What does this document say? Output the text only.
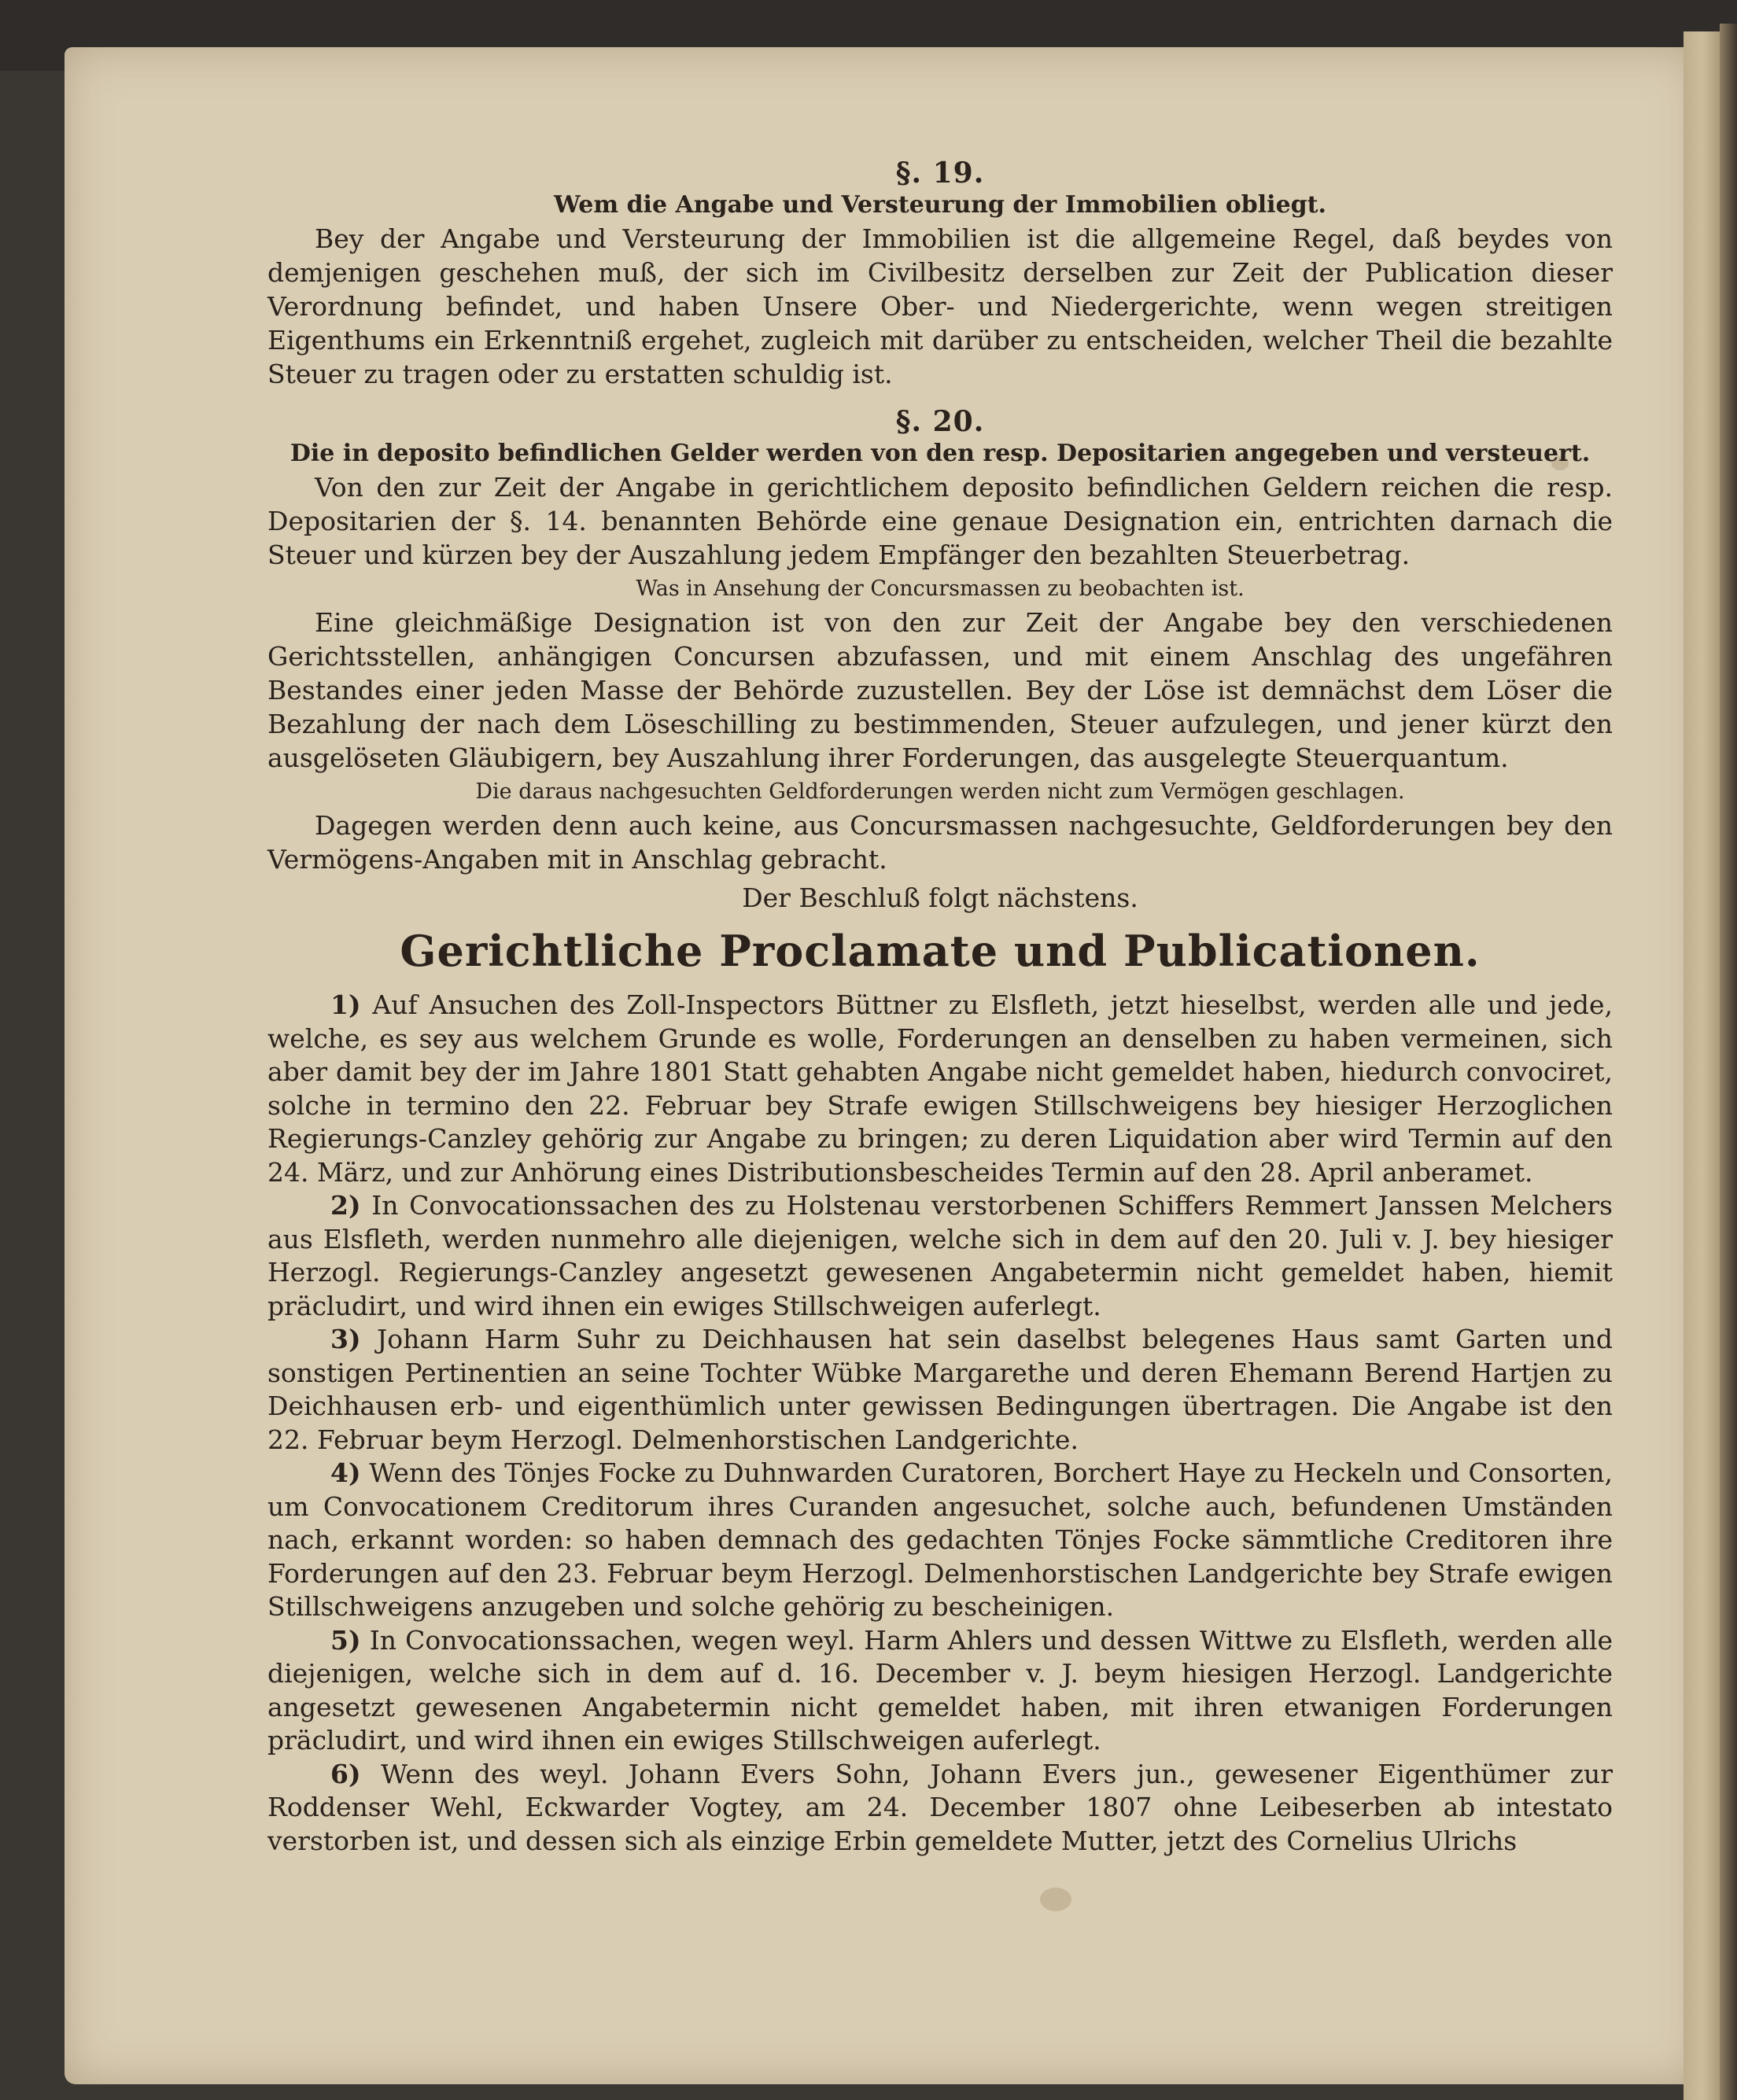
§. 19.
Wem die Angabe und Versteurung der Immobilien obliegt.

Bey der Angabe und Versteurung der Immobilien ist die allgemeine Regel, daß beydes von demjenigen geschehen muß, der sich im Civilbesitz derselben zur Zeit der Publication dieser Verordnung befindet, und haben Unsere Ober- und Niedergerichte, wenn wegen streitigen Eigenthums ein Erkenntniß ergehet, zugleich mit darüber zu entscheiden, welcher Theil die bezahlte Steuer zu tragen oder zu erstatten schuldig ist.

§. 20.
Die in deposito befindlichen Gelder werden von den resp. Depositarien angegeben und versteuert.

Von den zur Zeit der Angabe in gerichtlichem deposito befindlichen Geldern reichen die resp. Depositarien der §. 14. benannten Behörde eine genaue Designation ein, entrichten darnach die Steuer und kürzen bey der Auszahlung jedem Empfänger den bezahlten Steuerbetrag.

Was in Ansehung der Concursmassen zu beobachten ist.

Eine gleichmäßige Designation ist von den zur Zeit der Angabe bey den verschiedenen Gerichtsstellen, anhängigen Concursen abzufassen, und mit einem Anschlag des ungefähren Bestandes einer jeden Masse der Behörde zuzustellen. Bey der Löse ist demnächst dem Löser die Bezahlung der nach dem Löseschilling zu bestimmenden, Steuer aufzulegen, und jener kürzt den ausgelöseten Gläubigern, bey Auszahlung ihrer Forderungen, das ausgelegte Steuerquantum.

Die daraus nachgesuchten Geldforderungen werden nicht zum Vermögen geschlagen.

Dagegen werden denn auch keine, aus Concursmassen nachgesuchte, Geldforderungen bey den Vermögens-Angaben mit in Anschlag gebracht.

Der Beschluß folgt nächstens.
Gerichtliche Proclamate und Publicationen.

1) Auf Ansuchen des Zoll-Inspectors Büttner zu Elsfleth, jetzt hieselbst, werden alle und jede, welche, es sey aus welchem Grunde es wolle, Forderungen an denselben zu haben vermeinen, sich aber damit bey der im Jahre 1801 Statt gehabten Angabe nicht gemeldet haben, hiedurch convociret, solche in termino den 22. Februar bey Strafe ewigen Stillschweigens bey hiesiger Herzoglichen Regierungs-Canzley gehörig zur Angabe zu bringen; zu deren Liquidation aber wird Termin auf den 24. März, und zur Anhörung eines Distributionsbescheides Termin auf den 28. April anberamet.

2) In Convocationssachen des zu Holstenau verstorbenen Schiffers Remmert Janssen Melchers aus Elsfleth, werden nunmehro alle diejenigen, welche sich in dem auf den 20. Juli v. J. bey hiesiger Herzogl. Regierungs-Canzley angesetzt gewesenen Angabetermin nicht gemeldet haben, hiemit präcludirt, und wird ihnen ein ewiges Stillschweigen auferlegt.

3) Johann Harm Suhr zu Deichhausen hat sein daselbst belegenes Haus samt Garten und sonstigen Pertinentien an seine Tochter Wübke Margarethe und deren Ehemann Berend Hartjen zu Deichhausen erb- und eigenthümlich unter gewissen Bedingungen übertragen. Die Angabe ist den 22. Februar beym Herzogl. Delmenhorstischen Landgerichte.

4) Wenn des Tönjes Focke zu Duhnwarden Curatoren, Borchert Haye zu Heckeln und Consorten, um Convocationem Creditorum ihres Curanden angesuchet, solche auch, befundenen Umständen nach, erkannt worden: so haben demnach des gedachten Tönjes Focke sämmtliche Creditoren ihre Forderungen auf den 23. Februar beym Herzogl. Delmenhorstischen Landgerichte bey Strafe ewigen Stillschweigens anzugeben und solche gehörig zu bescheinigen.

5) In Convocationssachen, wegen weyl. Harm Ahlers und dessen Wittwe zu Elsfleth, werden alle diejenigen, welche sich in dem auf d. 16. December v. J. beym hiesigen Herzogl. Landgerichte angesetzt gewesenen Angabetermin nicht gemeldet haben, mit ihren etwanigen Forderungen präcludirt, und wird ihnen ein ewiges Stillschweigen auferlegt.

6) Wenn des weyl. Johann Evers Sohn, Johann Evers jun., gewesener Eigenthümer zur Roddenser Wehl, Eckwarder Vogtey, am 24. December 1807 ohne Leibeserben ab intestato verstorben ist, und dessen sich als einzige Erbin gemeldete Mutter, jetzt des Cornelius Ulrichs
